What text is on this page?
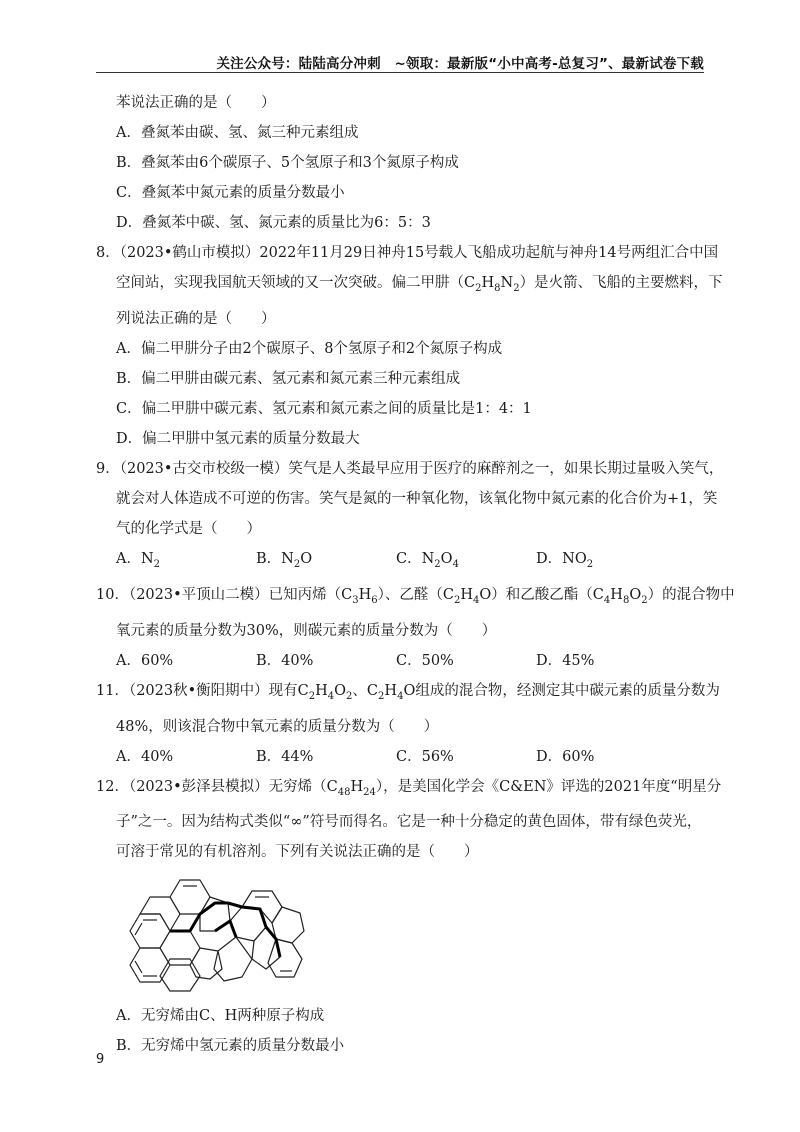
关注公众号：陆陆高分冲刺　~领取：最新版“小中高考-总复习”、最新试卷下载
苯说法正确的是（　　）
A．叠氮苯由碳、氢、氮三种元素组成
B．叠氮苯由6个碳原子、5个氢原子和3个氮原子构成
C．叠氮苯中氮元素的质量分数最小
D．叠氮苯中碳、氢、氮元素的质量比为6：5：3
8．（2023•鹤山市模拟）2022年11月29日神舟15号载人飞船成功起航与神舟14号两组汇合中国
空间站，实现我国航天领域的又一次突破。偏二甲肼$(C_2H_8N_2)$是火箭、飞船的主要燃料，下
列说法正确的是（　　）
A．偏二甲肼分子由2个碳原子、8个氢原子和2个氮原子构成
B．偏二甲肼由碳元素、氢元素和氮元素三种元素组成
C．偏二甲肼中碳元素、氢元素和氮元素之间的质量比是1：4：1
D．偏二甲肼中氢元素的质量分数最大
9．（2023•古交市校级一模）笑气是人类最早应用于医疗的麻醉剂之一，如果长期过量吸入笑气，
就会对人体造成不可逆的伤害。笑气是氮的一种氧化物，该氧化物中氮元素的化合价为+1，笑
气的化学式是（　　）
A．$N_2$	B．$N_2O$	C．$N_2O_4$	D．$NO_2$
10．（2023•平顶山二模）已知丙烯$(C_3H_6)$、乙醛$(C_2H_4O)$和乙酸乙酯$(C_4H_8O_2)$的混合物中
氧元素的质量分数为30%，则碳元素的质量分数为（　　）
A．60%	B．40%	C．50%	D．45%
11．（2023秋•衡阳期中）现有$C_2H_4O_2$、$C_2H_4O$组成的混合物，经测定其中碳元素的质量分数为
48%，则该混合物中氧元素的质量分数为（　　）
A．40%	B．44%	C．56%	D．60%
12．（2023•彭泽县模拟）无穷烯$(C_{48}H_{24})$，是美国化学会《C&EN》评选的2021年度“明星分
子”之一。因为结构式类似“∞”符号而得名。它是一种十分稳定的黄色固体，带有绿色荧光，
可溶于常见的有机溶剂。下列有关说法正确的是（　　）
A．无穷烯由C、H两种原子构成
B．无穷烯中氢元素的质量分数最小
9
